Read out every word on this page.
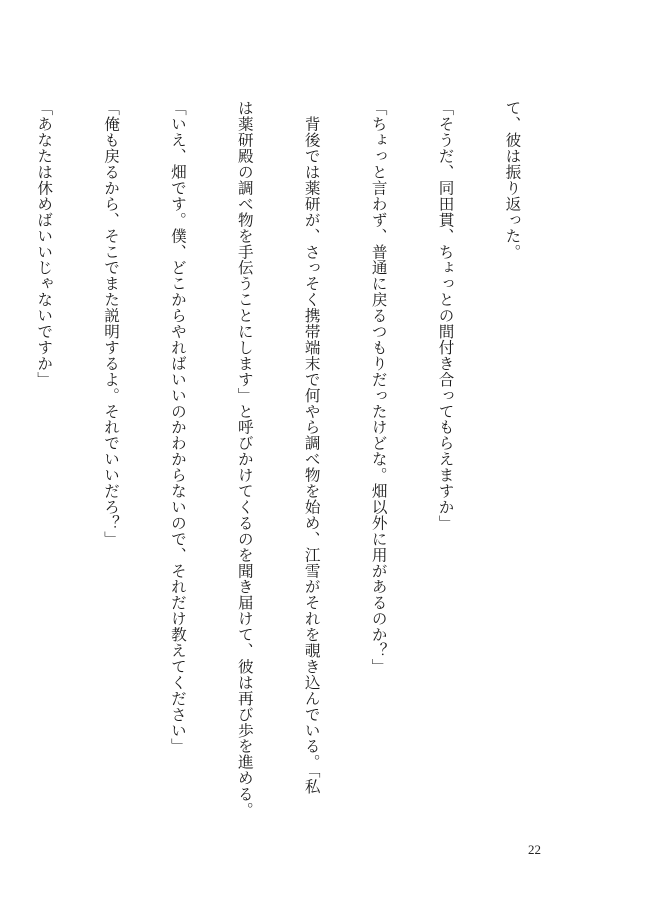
て、彼は振り返った。

「そうだ、同田貫、ちょっとの間付き合ってもらえますか」

「ちょっと言わず、普通に戻るつもりだったけどな。畑以外に用があるのか？」

　背後では薬研が、さっそく携帯端末で何やら調べ物を始め、江雪がそれを覗き込んでいる。「私

は薬研殿の調べ物を手伝うことにします」と呼びかけてくるのを聞き届けて、彼は再び歩を進める。

「いえ、畑です。僕、どこからやればいいのかわからないので、それだけ教えてください」

「俺も戻るから、そこでまた説明するよ。それでいいだろ？」

「あなたは休めばいいじゃないですか」

22
